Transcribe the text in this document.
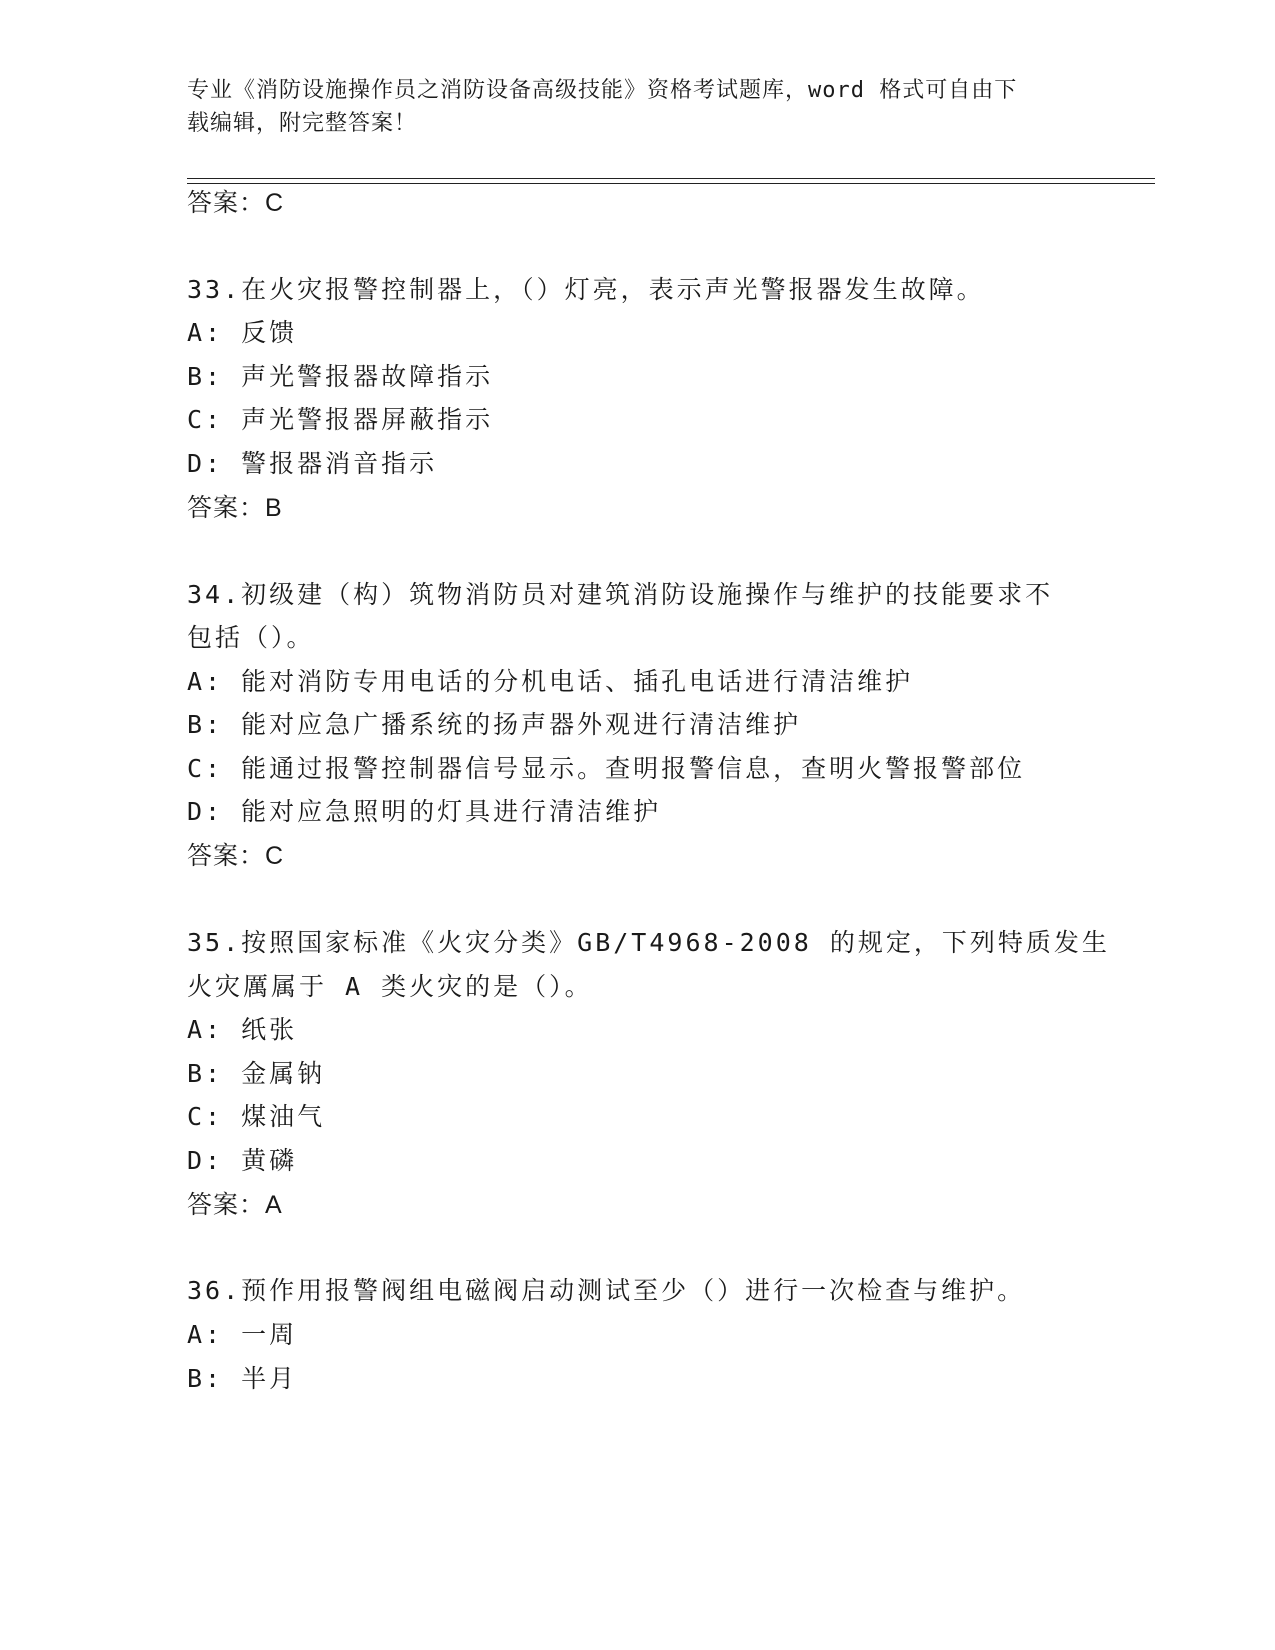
专业《消防设施操作员之消防设备高级技能》资格考试题库，word 格式可自由下
载编辑，附完整答案！
答案：C
33.在火灾报警控制器上，（）灯亮，表示声光警报器发生故障。
A: 反馈
B: 声光警报器故障指示
C: 声光警报器屏蔽指示
D: 警报器消音指示
答案：B
34.初级建（构）筑物消防员对建筑消防设施操作与维护的技能要求不
包括（）。
A: 能对消防专用电话的分机电话、插孔电话进行清洁维护
B: 能对应急广播系统的扬声器外观进行清洁维护
C: 能通过报警控制器信号显示。查明报警信息，查明火警报警部位
D: 能对应急照明的灯具进行清洁维护
答案：C
35.按照国家标准《火灾分类》GB/T4968-2008 的规定，下列特质发生
火灾厲属于 A 类火灾的是（）。
A: 纸张
B: 金属钠
C: 煤油气
D: 黄磷
答案：A
36.预作用报警阀组电磁阀启动测试至少（）进行一次检查与维护。
A: 一周
B: 半月
